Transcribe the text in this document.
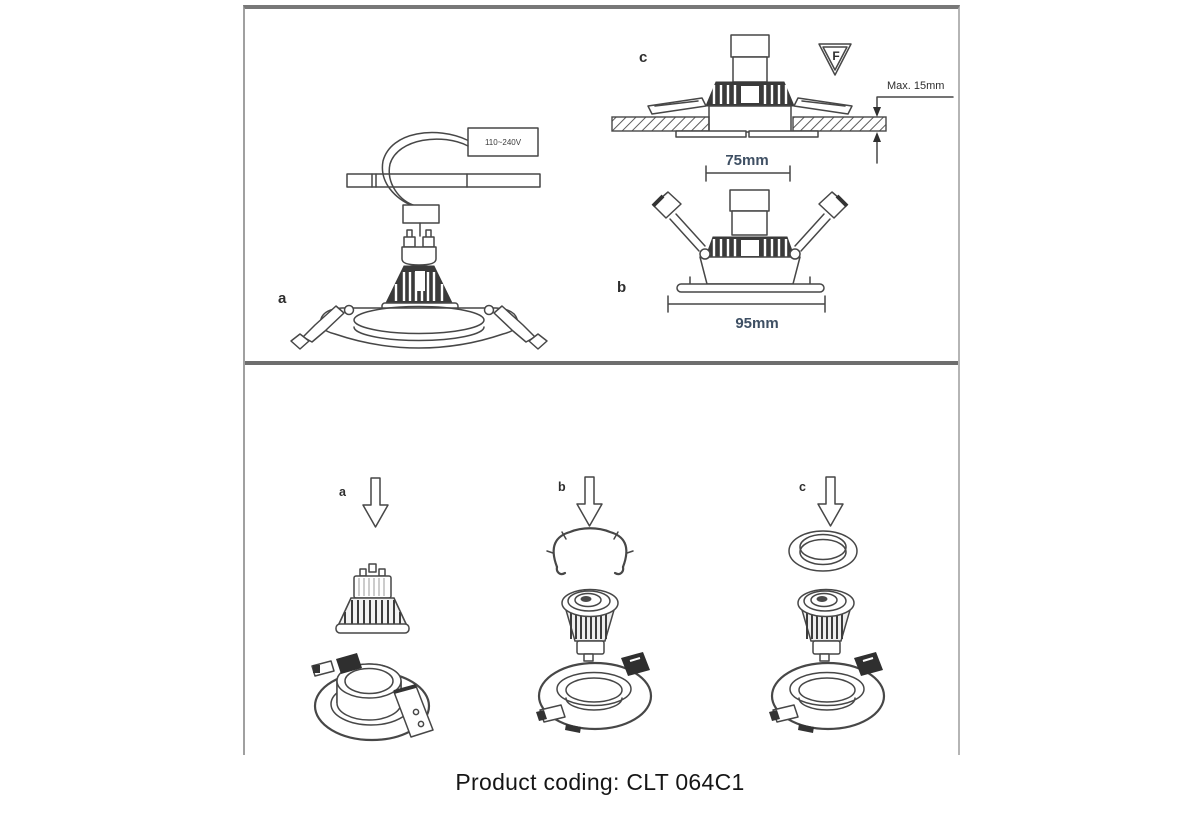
a
110~240V
c	F
Max. 15mm
75mm
b
95mm
a	b	c
Product coding: CLT 064C1
